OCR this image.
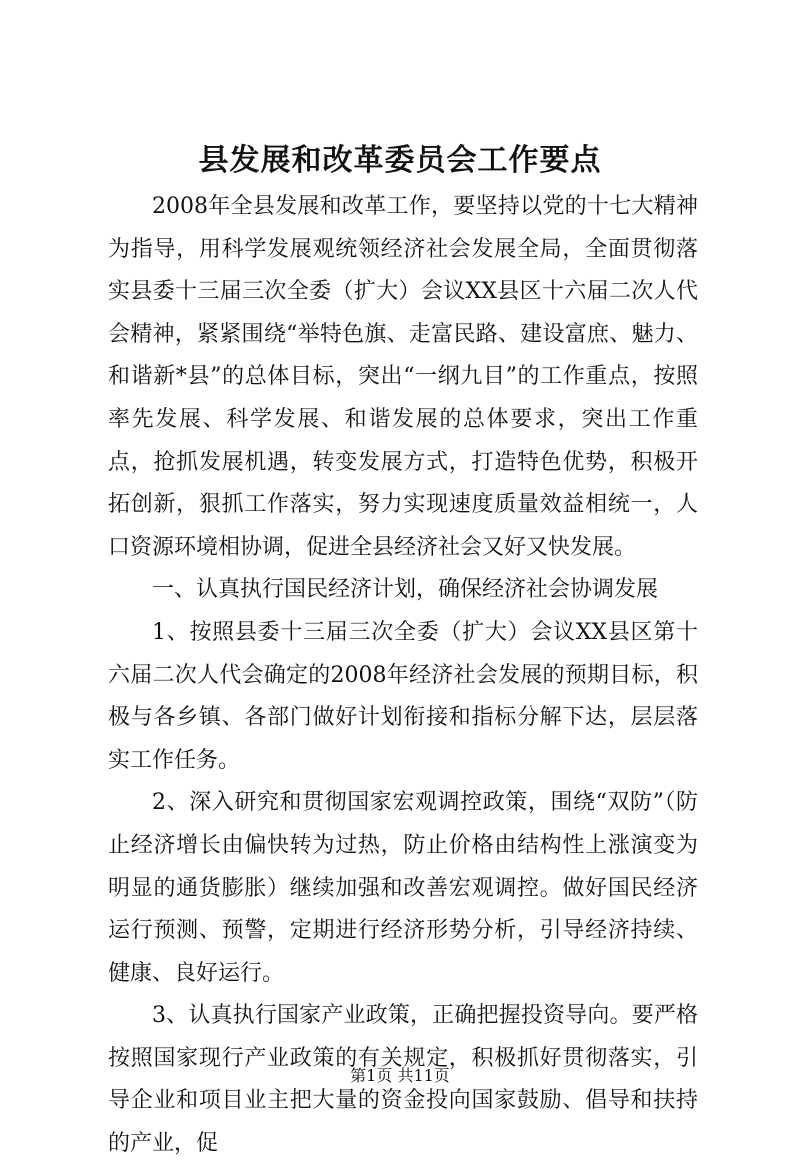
县发展和改革委员会工作要点

2008年全县发展和改革工作，要坚持以党的十七大精神为指导，用科学发展观统领经济社会发展全局，全面贯彻落实县委十三届三次全委（扩大）会议XX县区十六届二次人代会精神，紧紧围绕“举特色旗、走富民路、建设富庶、魅力、和谐新*县”的总体目标，突出“一纲九目”的工作重点，按照率先发展、科学发展、和谐发展的总体要求，突出工作重点，抢抓发展机遇，转变发展方式，打造特色优势，积极开拓创新，狠抓工作落实，努力实现速度质量效益相统一，人口资源环境相协调，促进全县经济社会又好又快发展。

一、认真执行国民经济计划，确保经济社会协调发展

1、按照县委十三届三次全委（扩大）会议XX县区第十六届二次人代会确定的2008年经济社会发展的预期目标，积极与各乡镇、各部门做好计划衔接和指标分解下达，层层落实工作任务。

2、深入研究和贯彻国家宏观调控政策，围绕“双防”（防止经济增长由偏快转为过热，防止价格由结构性上涨演变为明显的通货膨胀）继续加强和改善宏观调控。做好国民经济运行预测、预警，定期进行经济形势分析，引导经济持续、健康、良好运行。

3、认真执行国家产业政策，正确把握投资导向。要严格按照国家现行产业政策的有关规定，积极抓好贯彻落实，引导企业和项目业主把大量的资金投向国家鼓励、倡导和扶持的产业，促

第1页 共11页
